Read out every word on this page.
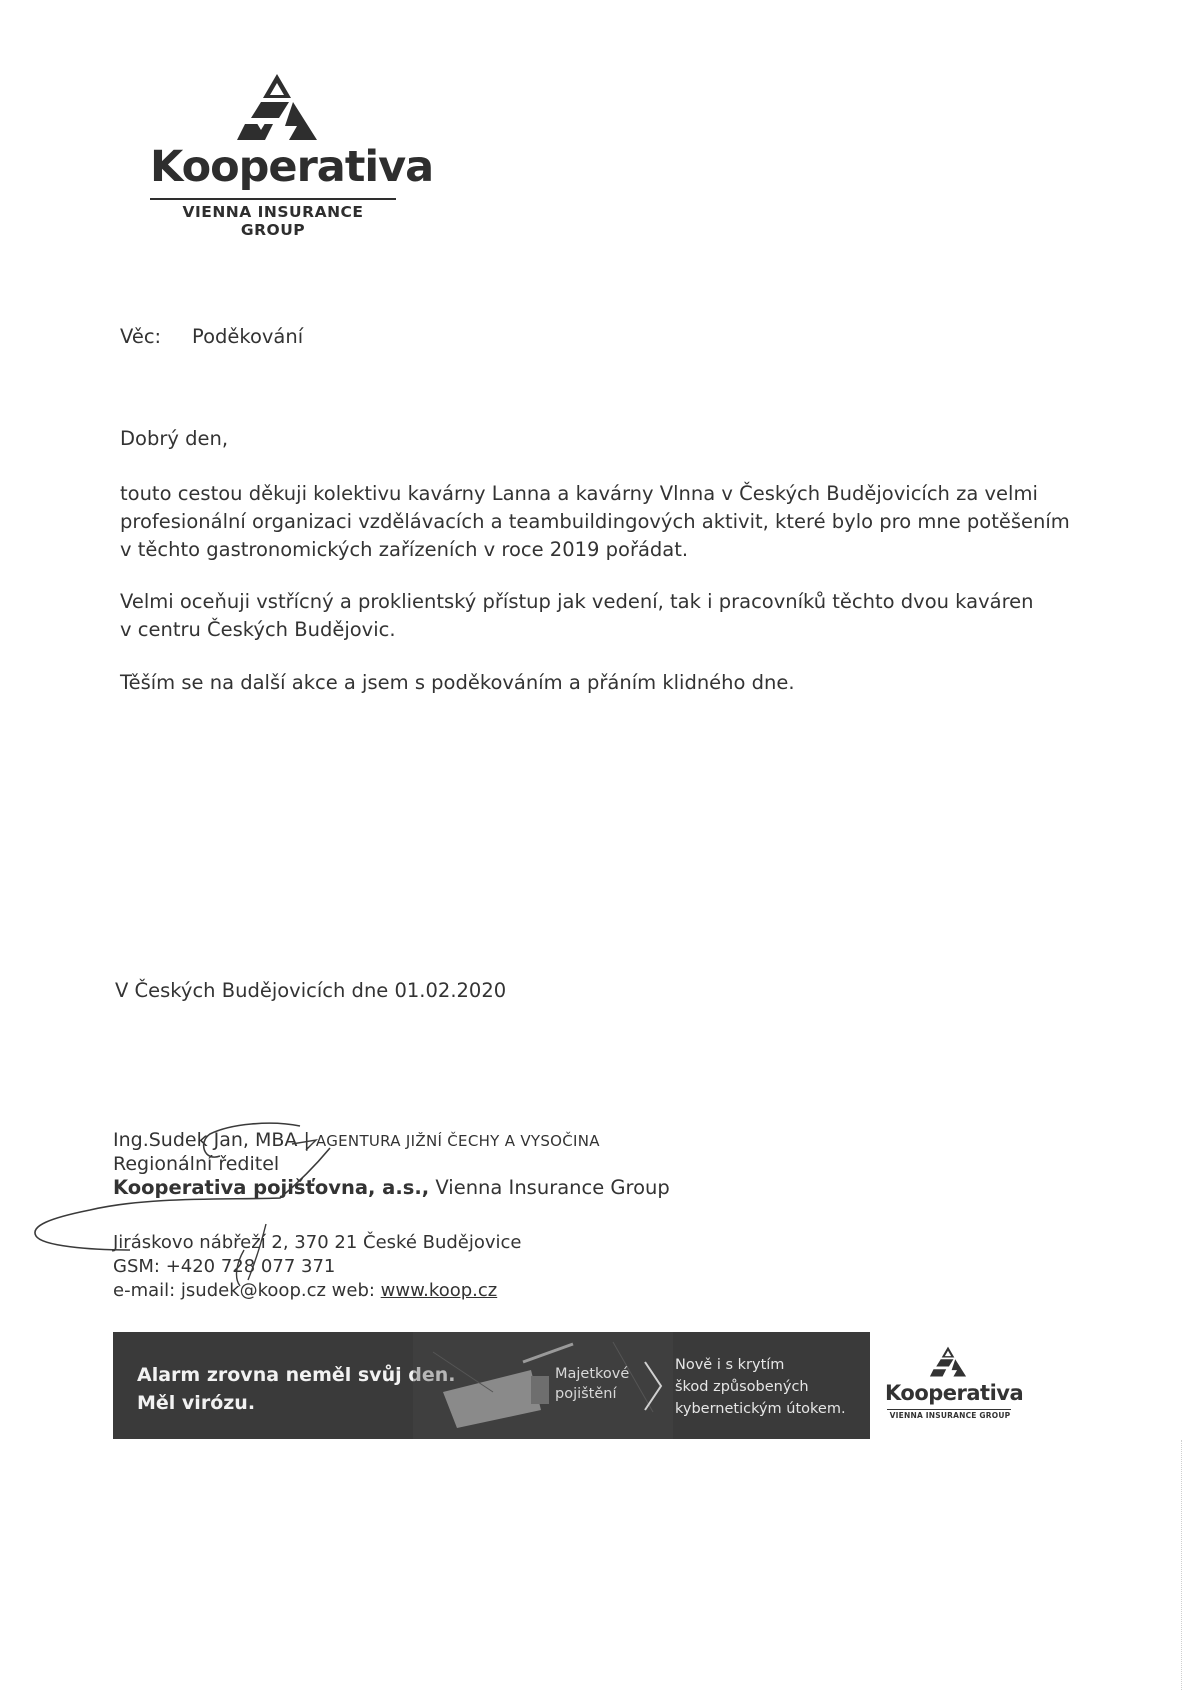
Kooperativa
VIENNA INSURANCE GROUP
Věc: Poděkování
Dobrý den,
touto cestou děkuji kolektivu kavárny Lanna a kavárny Vlnna v Českých Budějovicích za velmi
profesionální organizaci vzdělávacích a teambuildingových aktivit, které bylo pro mne potěšením
v těchto gastronomických zařízeních v roce 2019 pořádat.
Velmi oceňuji vstřícný a proklientský přístup jak vedení, tak i pracovníků těchto dvou kaváren
v centru Českých Budějovic.
Těším se na další akce a jsem s poděkováním a přáním klidného dne.
V Českých Budějovicích dne 01.02.2020
Ing.Sudek Jan, MBA | AGENTURA JIŽNÍ ČECHY A VYSOČINA
Regionální ředitel
Kooperativa pojišťovna, a.s., Vienna Insurance Group
Jiráskovo nábřeží 2, 370 21 České Budějovice
GSM: +420 728 077 371
e-mail: jsudek@koop.cz web: www.koop.cz
Alarm zrovna neměl svůj den.
Měl virózu.
Majetkové
pojištění
Nově i s krytím
škod způsobených
kybernetickým útokem.
Kooperativa
VIENNA INSURANCE GROUP
